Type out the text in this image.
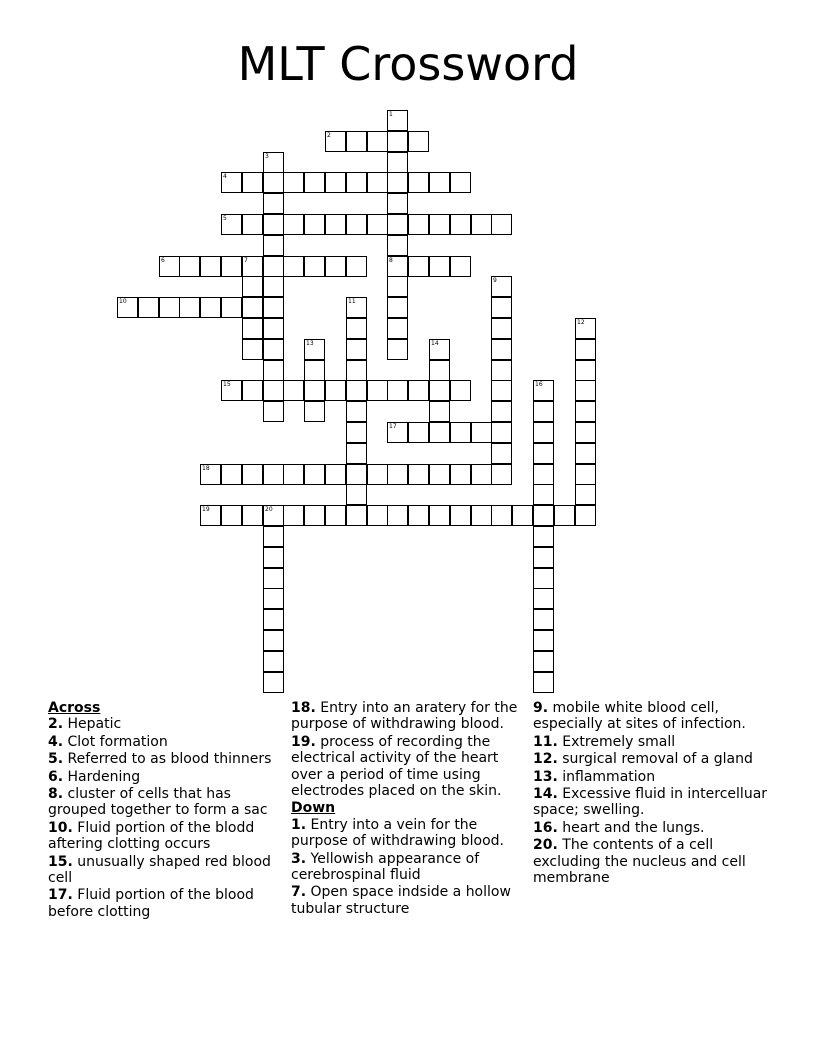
MLT Crossword
1
8
2
3
4
5
6	7
9
10	11
12
13	14
15	16
17
18
19	20
Across
2. Hepatic
4. Clot formation
5. Referred to as blood thinners
6. Hardening
8. cluster of cells that has grouped together to form a sac
10. Fluid portion of the blodd aftering clotting occurs
15. unusually shaped red blood cell
17. Fluid portion of the blood before clotting
18. Entry into an aratery for the purpose of withdrawing blood.
19. process of recording the electrical activity of the heart over a period of time using electrodes placed on the skin.
Down
1. Entry into a vein for the purpose of withdrawing blood.
3. Yellowish appearance of cerebrospinal fluid
7. Open space indside a hollow tubular structure
9. mobile white blood cell, especially at sites of infection.
11. Extremely small
12. surgical removal of a gland
13. inflammation
14. Excessive fluid in intercelluar space; swelling.
16. heart and the lungs.
20. The contents of a cell excluding the nucleus and cell membrane
